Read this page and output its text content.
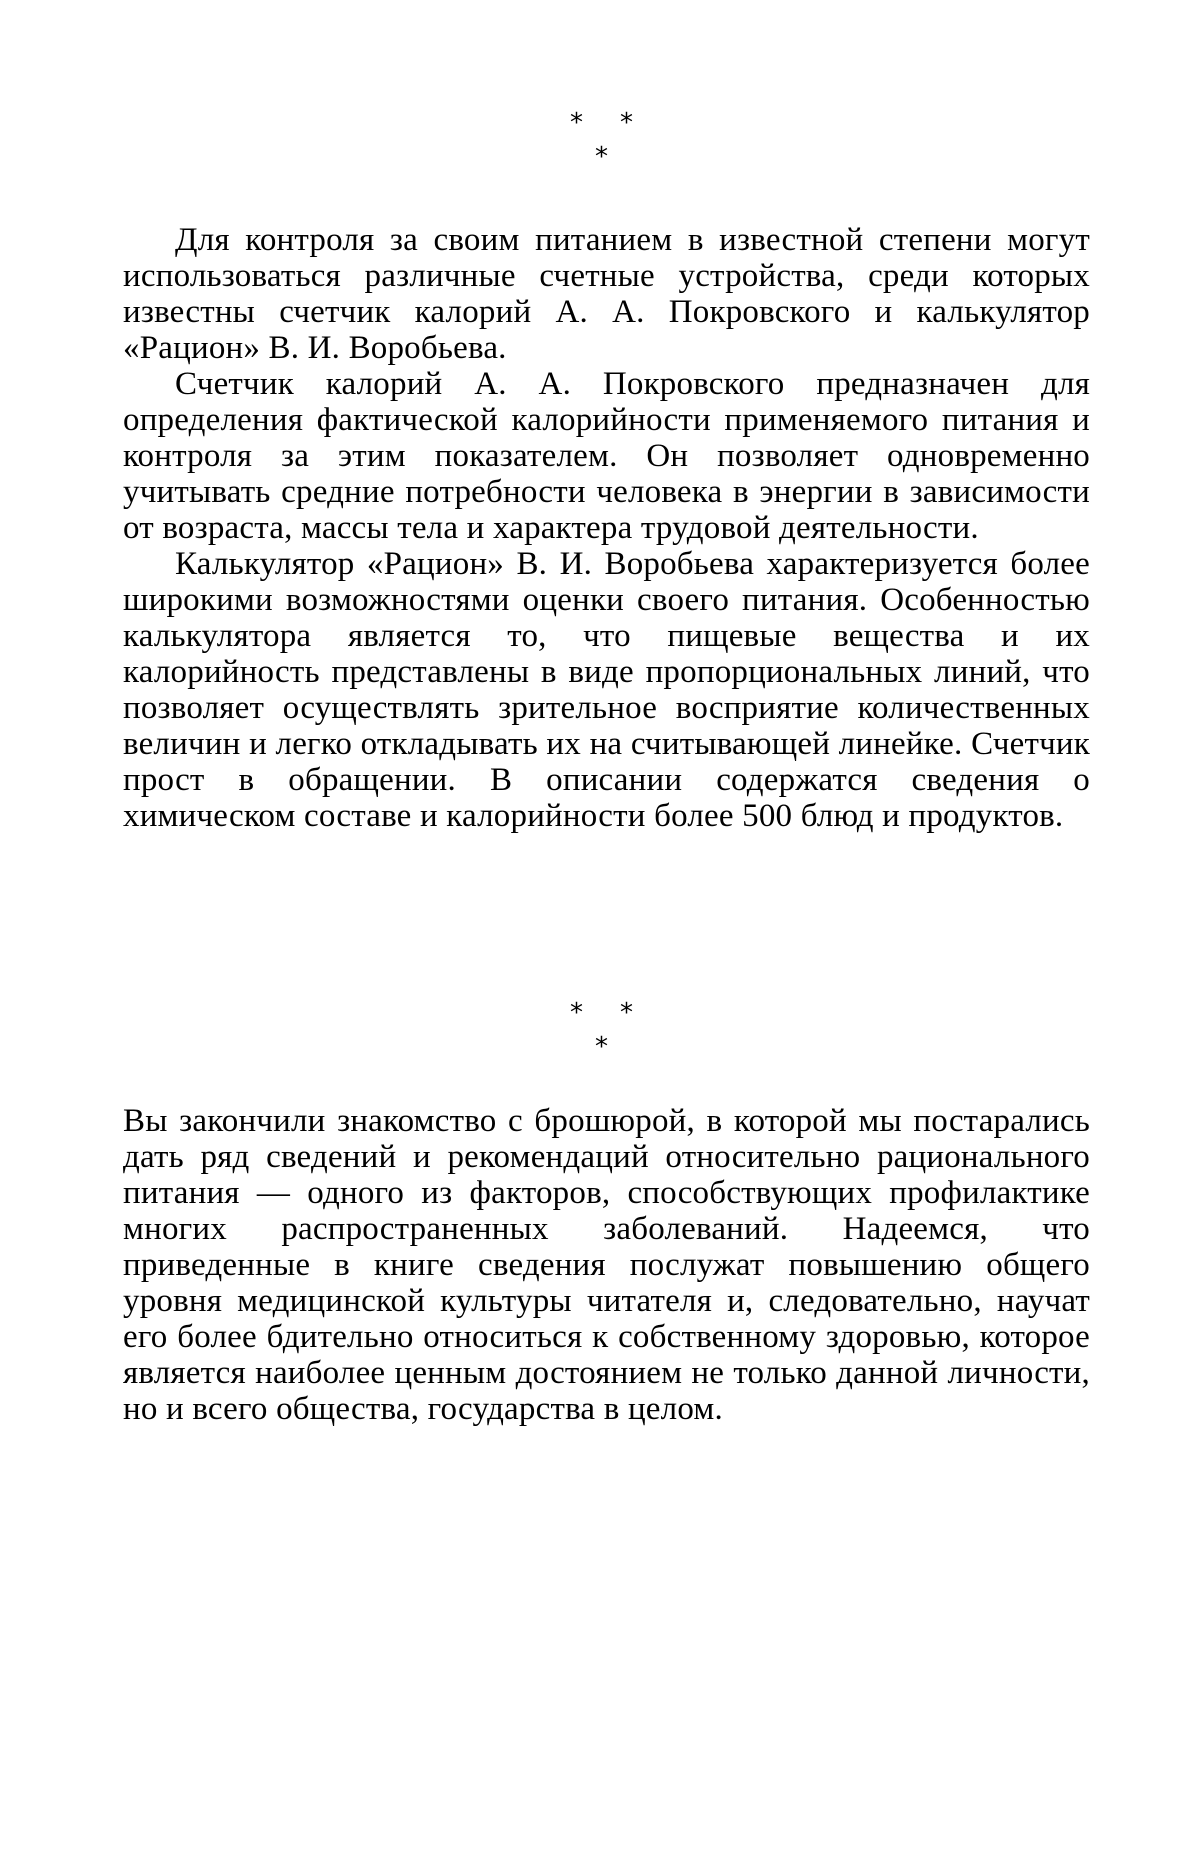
* *
*

Для контроля за своим питанием в известной степени могут использоваться различные счетные устройства, среди которых известны счетчик калорий А. А. Покровского и калькулятор «Рацион» В. И. Воробьева.

Счетчик калорий А. А. Покровского предназначен для определения фактической калорийности применяемого питания и контроля за этим показателем. Он позволяет одновременно учитывать средние потребности человека в энергии в зависимости от возраста, массы тела и характера трудовой деятельности.

Калькулятор «Рацион» В. И. Воробьева характеризуется более широкими возможностями оценки своего питания. Особенностью калькулятора является то, что пищевые вещества и их калорийность представлены в виде пропорциональных линий, что позволяет осуществлять зрительное восприятие количественных величин и легко откладывать их на считывающей линейке. Счетчик прост в обращении. В описании содержатся сведения о химическом составе и калорийности более 500 блюд и продуктов.

* *
*

Вы закончили знакомство с брошюрой, в которой мы постарались дать ряд сведений и рекомендаций относительно рационального питания — одного из факторов, способствующих профилактике многих распространенных заболеваний. Надеемся, что приведенные в книге сведения послужат повышению общего уровня медицинской культуры читателя и, следовательно, научат его более бдительно относиться к собственному здоровью, которое является наиболее ценным достоянием не только данной личности, но и всего общества, государства в целом.
